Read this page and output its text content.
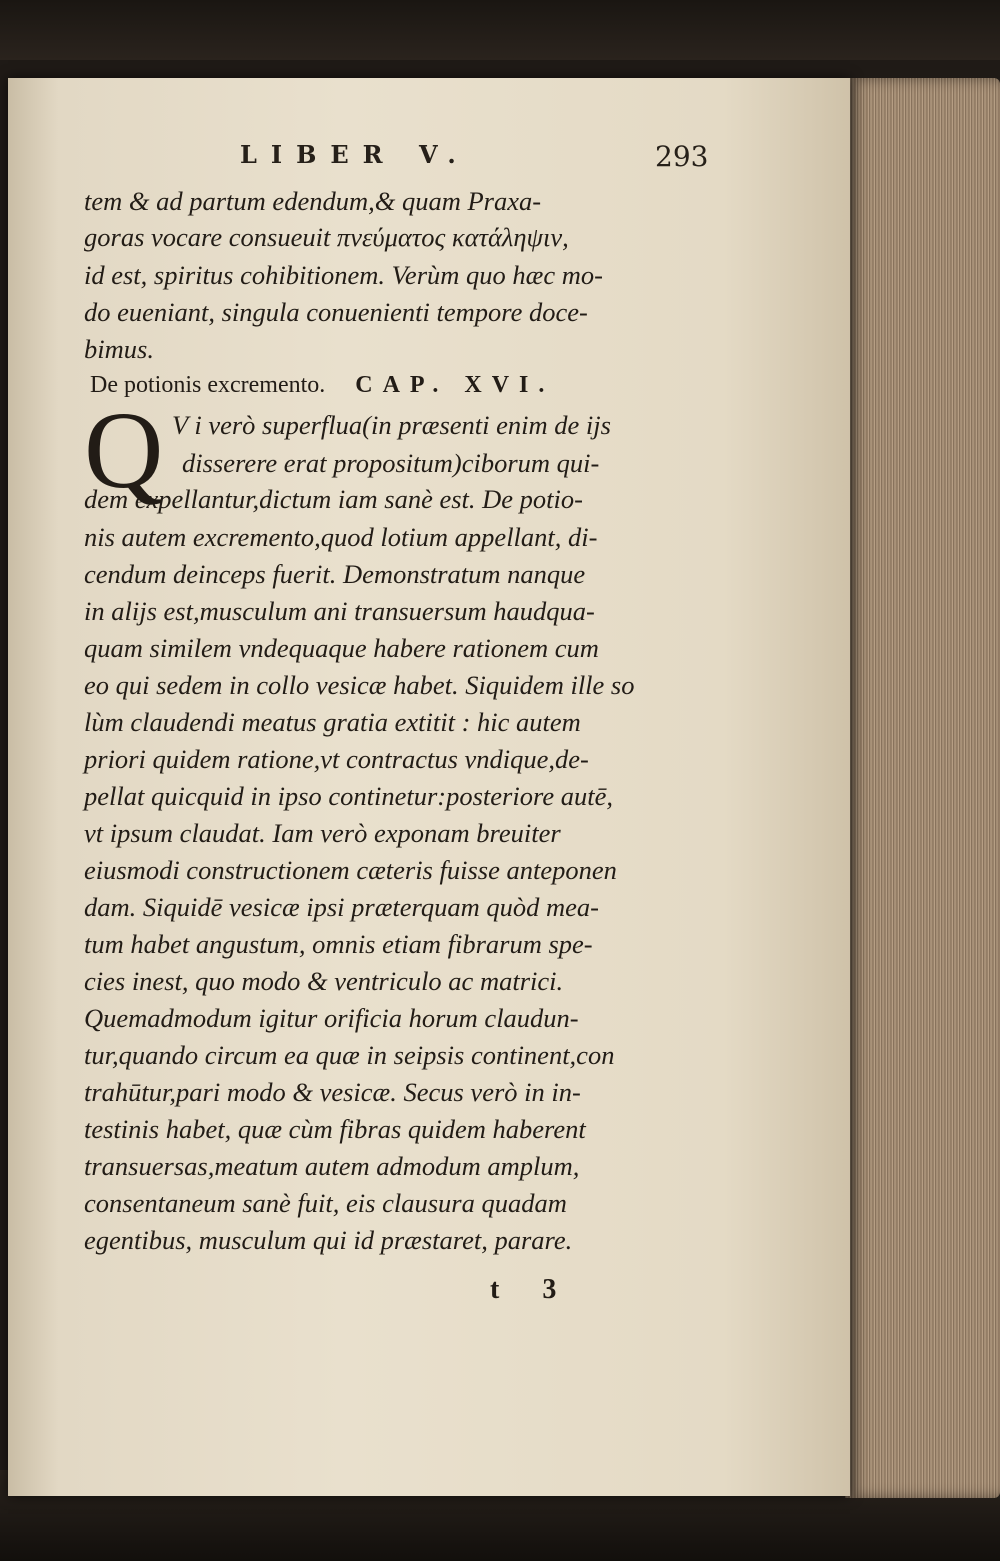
LIBER V.	293
tem & ad partum edendum,& quam Praxa-
goras vocare consueuit πνεύματος κατάληψιν,
id est, spiritus cohibitionem. Verùm quo hæc mo-
do eueniant, singula conuenienti tempore doce-
bimus.
De potionis excremento. CAP. XVI.
Q V i verò superflua(in præsenti enim de ijs
disserere erat propositum)ciborum qui-
dem expellantur,dictum iam sanè est. De potio-
nis autem excremento,quod lotium appellant, di-
cendum deinceps fuerit. Demonstratum nanque
in alijs est,musculum ani transuersum haudqua-
quam similem vndequaque habere rationem cum
eo qui sedem in collo vesicæ habet. Siquidem ille so
lùm claudendi meatus gratia extitit : hic autem
priori quidem ratione,vt contractus vndique,de-
pellat quicquid in ipso continetur:posteriore autē,
vt ipsum claudat. Iam verò exponam breuiter
eiusmodi constructionem cæteris fuisse anteponen
dam. Siquidē vesicæ ipsi præterquam quòd mea-
tum habet angustum, omnis etiam fibrarum spe-
cies inest, quo modo & ventriculo ac matrici.
Quemadmodum igitur orificia horum claudun-
tur,quando circum ea quæ in seipsis continent,con
trahūtur,pari modo & vesicæ. Secus verò in in-
testinis habet, quæ cùm fibras quidem haberent
transuersas,meatum autem admodum amplum,
consentaneum sanè fuit, eis clausura quadam
egentibus, musculum qui id præstaret, parare.
t 3
